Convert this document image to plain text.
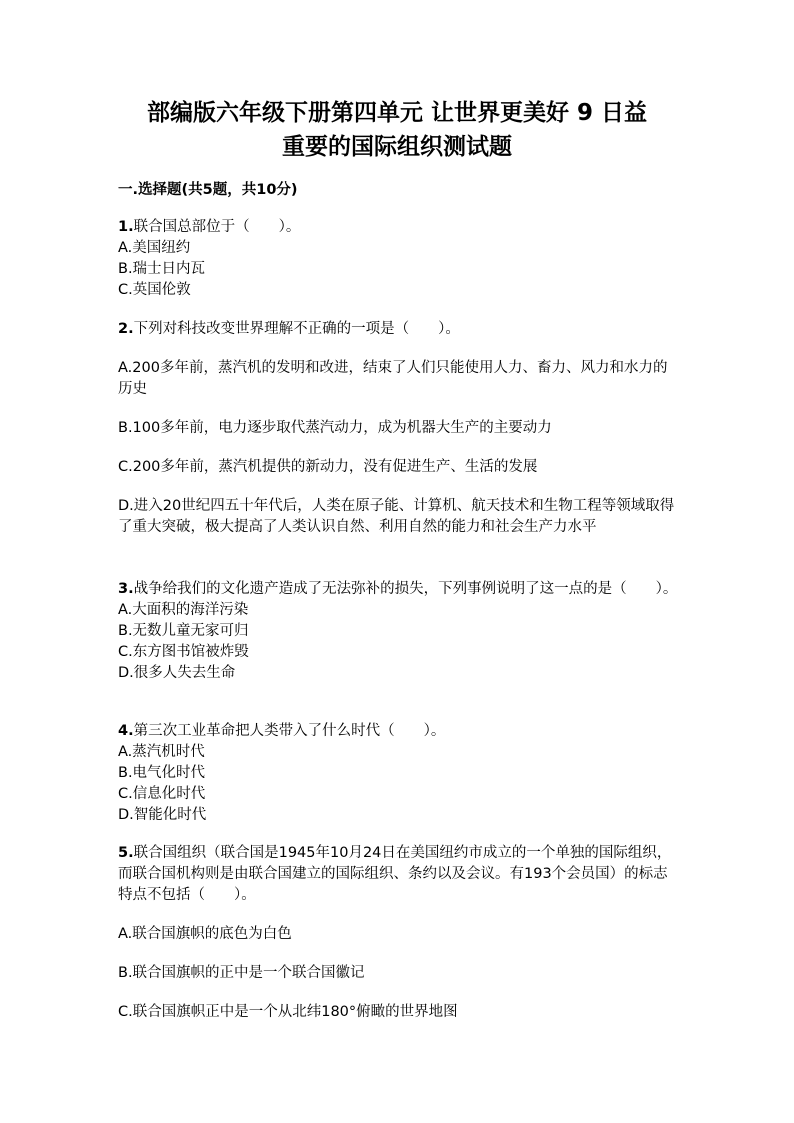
部编版六年级下册第四单元 让世界更美好 9 日益
重要的国际组织测试题
一.选择题(共5题，共10分)
1.联合国总部位于（　　）。
A.美国纽约
B.瑞士日内瓦
C.英国伦敦
2.下列对科技改变世界理解不正确的一项是（　　）。
A.200多年前，蒸汽机的发明和改进，结束了人们只能使用人力、畜力、风力和水力的历史
B.100多年前，电力逐步取代蒸汽动力，成为机器大生产的主要动力
C.200多年前，蒸汽机提供的新动力，没有促进生产、生活的发展
D.进入20世纪四五十年代后，人类在原子能、计算机、航天技术和生物工程等领域取得了重大突破，极大提高了人类认识自然、利用自然的能力和社会生产力水平
3.战争给我们的文化遗产造成了无法弥补的损失，下列事例说明了这一点的是（　　）。
A.大面积的海洋污染
B.无数儿童无家可归
C.东方图书馆被炸毁
D.很多人失去生命
4.第三次工业革命把人类带入了什么时代（　　）。
A.蒸汽机时代
B.电气化时代
C.信息化时代
D.智能化时代
5.联合国组织（联合国是1945年10月24日在美国纽约市成立的一个单独的国际组织，而联合国机构则是由联合国建立的国际组织、条约以及会议。有193个会员国）的标志特点不包括（　　）。
A.联合国旗帜的底色为白色
B.联合国旗帜的正中是一个联合国徽记
C.联合国旗帜正中是一个从北纬180°俯瞰的世界地图
